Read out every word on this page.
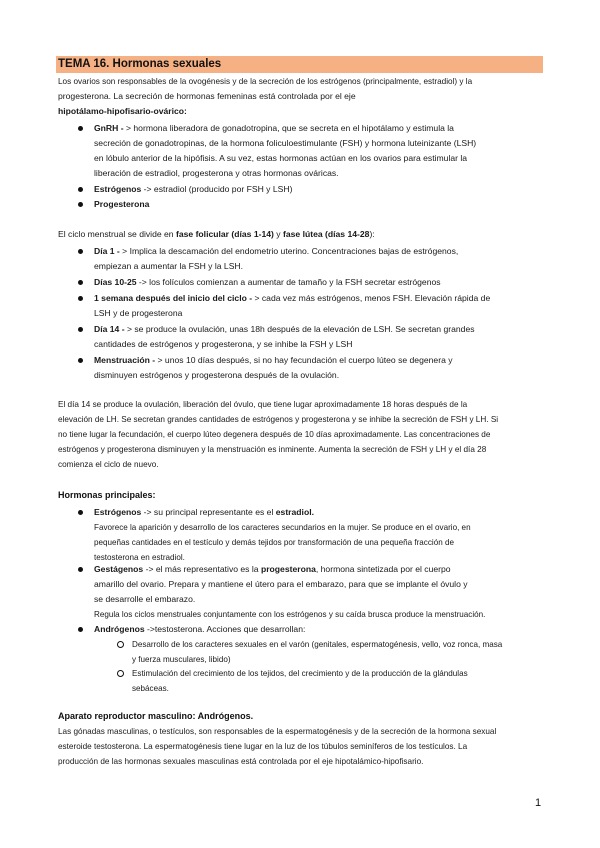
TEMA 16. Hormonas sexuales
Los ovarios son responsables de la ovogénesis y de la secreción de los estrógenos (principalmente, estradiol) y la
progesterona. La secreción de hormonas femeninas está controlada por el eje
hipotálamo-hipofisario-ovárico:
GnRH - > hormona liberadora de gonadotropina, que se secreta en el hipotálamo y estimula la
secreción de gonadotropinas, de la hormona foliculoestimulante (FSH) y hormona luteinizante (LSH)
en lóbulo anterior de la hipófisis. A su vez, estas hormonas actúan en los ovarios para estimular la
liberación de estradiol, progesterona y otras hormonas ováricas.
Estrógenos -> estradiol (producido por FSH y LSH)
Progesterona
El ciclo menstrual se divide en fase folicular (días 1-14) y fase lútea (días 14-28):
Día 1 - > Implica la descamación del endometrio uterino. Concentraciones bajas de estrógenos,
empiezan a aumentar la FSH y la LSH.
Días 10-25 -> los folículos comienzan a aumentar de tamaño y la FSH secretar estrógenos
1 semana después del inicio del ciclo - > cada vez más estrógenos, menos FSH. Elevación rápida de
LSH y de progesterona
Día 14 - > se produce la ovulación, unas 18h después de la elevación de LSH. Se secretan grandes
cantidades de estrógenos y progesterona, y se inhibe la FSH y LSH
Menstruación - > unos 10 días después, si no hay fecundación el cuerpo lúteo se degenera y
disminuyen estrógenos y progesterona después de la ovulación.
El día 14 se produce la ovulación, liberación del óvulo, que tiene lugar aproximadamente 18 horas después de la
elevación de LH. Se secretan grandes cantidades de estrógenos y progesterona y se inhibe la secreción de FSH y LH. Si
no tiene lugar la fecundación, el cuerpo lúteo degenera después de 10 días aproximadamente. Las concentraciones de
estrógenos y progesterona disminuyen y la menstruación es inminente. Aumenta la secreción de FSH y LH y el día 28
comienza el ciclo de nuevo.
Hormonas principales:
Estrógenos -> su principal representante es el estradiol.
Favorece la aparición y desarrollo de los caracteres secundarios en la mujer. Se produce en el ovario, en
pequeñas cantidades en el testículo y demás tejidos por transformación de una pequeña fracción de
testosterona en estradiol.
Gestágenos -> el más representativo es la progesterona, hormona sintetizada por el cuerpo
amarillo del ovario. Prepara y mantiene el útero para el embarazo, para que se implante el óvulo y
se desarrolle el embarazo.
Regula los ciclos menstruales conjuntamente con los estrógenos y su caída brusca produce la menstruación.
Andrógenos ->testosterona. Acciones que desarrollan:
Desarrollo de los caracteres sexuales en el varón (genitales, espermatogénesis, vello, voz ronca, masa
y fuerza musculares, libido)
Estimulación del crecimiento de los tejidos, del crecimiento y de la producción de la glándulas
sebáceas.
Aparato reproductor masculino: Andrógenos.
Las gónadas masculinas, o testículos, son responsables de la espermatogénesis y de la secreción de la hormona sexual
esteroide testosterona. La espermatogénesis tiene lugar en la luz de los túbulos seminíferos de los testículos. La
producción de las hormonas sexuales masculinas está controlada por el eje hipotalámico-hipofisario.
1
